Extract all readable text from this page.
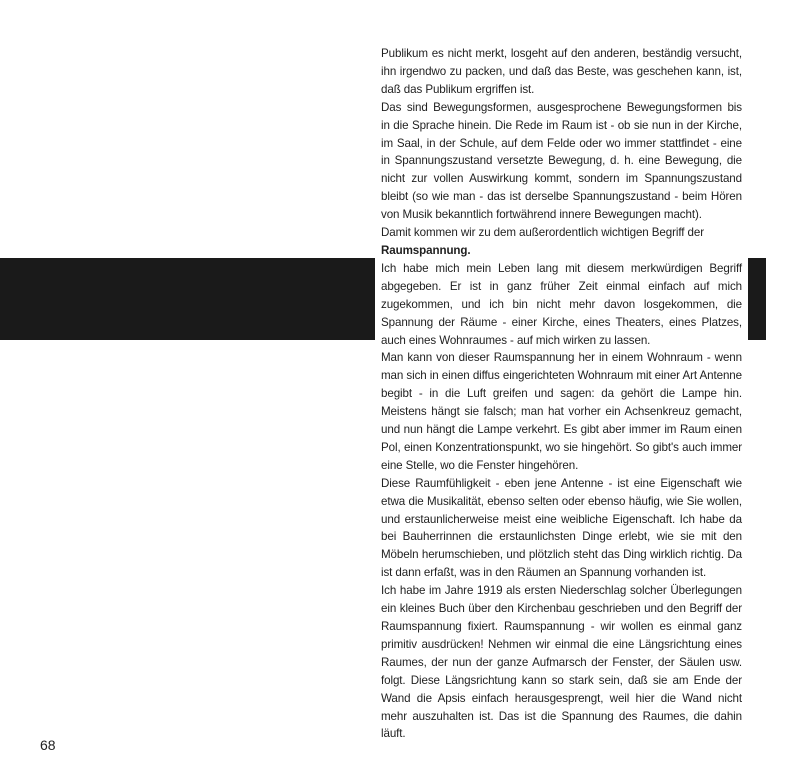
Publikum es nicht merkt, losgeht auf den anderen, beständig versucht, ihn irgendwo zu packen, und daß das Beste, was geschehen kann, ist, daß das Publikum ergriffen ist.

Das sind Bewegungsformen, ausgesprochene Bewegungsformen bis in die Sprache hinein. Die Rede im Raum ist - ob sie nun in der Kirche, im Saal, in der Schule, auf dem Felde oder wo immer stattfindet - eine in Spannungszustand versetzte Bewegung, d. h. eine Bewegung, die nicht zur vollen Auswirkung kommt, sondern im Spannungszustand bleibt (so wie man - das ist derselbe Spannungszustand - beim Hören von Musik bekanntlich fortwährend innere Bewegungen macht).

Damit kommen wir zu dem außerordentlich wichtigen Begriff der

Raumspannung.

Ich habe mich mein Leben lang mit diesem merkwürdigen Begriff abgegeben. Er ist in ganz früher Zeit einmal einfach auf mich zugekommen, und ich bin nicht mehr davon losgekommen, die Spannung der Räume - einer Kirche, eines Theaters, eines Platzes, auch eines Wohnraumes - auf mich wirken zu lassen.

Man kann von dieser Raumspannung her in einem Wohnraum - wenn man sich in einen diffus eingerichteten Wohnraum mit einer Art Antenne begibt - in die Luft greifen und sagen: da gehört die Lampe hin. Meistens hängt sie falsch; man hat vorher ein Achsenkreuz gemacht, und nun hängt die Lampe verkehrt. Es gibt aber immer im Raum einen Pol, einen Konzentrationspunkt, wo sie hingehört. So gibt's auch immer eine Stelle, wo die Fenster hingehören.

Diese Raumfühligkeit - eben jene Antenne - ist eine Eigenschaft wie etwa die Musikalität, ebenso selten oder ebenso häufig, wie Sie wollen, und erstaunlicherweise meist eine weibliche Eigenschaft. Ich habe da bei Bauherrinnen die erstaunlichsten Dinge erlebt, wie sie mit den Möbeln herumschieben, und plötzlich steht das Ding wirklich richtig. Da ist dann erfaßt, was in den Räumen an Spannung vorhanden ist.

Ich habe im Jahre 1919 als ersten Niederschlag solcher Überlegungen ein kleines Buch über den Kirchenbau geschrieben und den Begriff der Raumspannung fixiert. Raumspannung - wir wollen es einmal ganz primitiv ausdrücken! Nehmen wir einmal die eine Längsrichtung eines Raumes, der nun der ganze Aufmarsch der Fenster, der Säulen usw. folgt. Diese Längsrichtung kann so stark sein, daß sie am Ende der Wand die Apsis einfach herausgesprengt, weil hier die Wand nicht mehr auszuhalten ist. Das ist die Spannung des Raumes, die dahin läuft.

68
